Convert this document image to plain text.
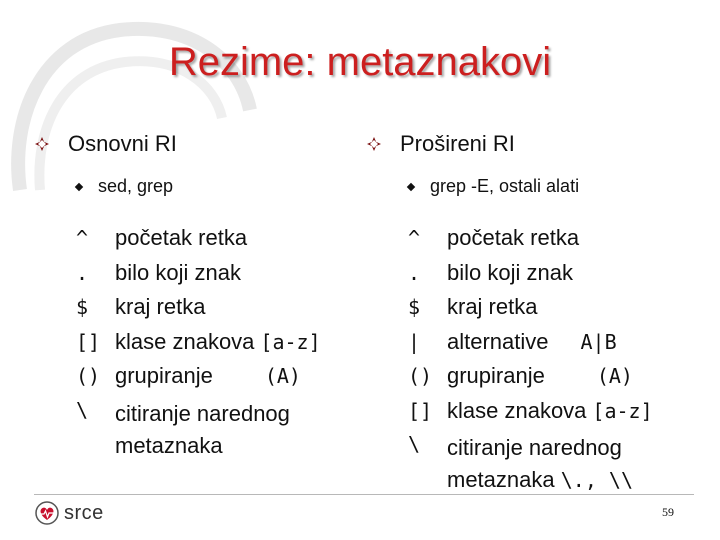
Rezime: metaznakovi
Osnovni RI
sed, grep
^	početak retka
.	bilo koji znak
$	kraj retka
[] klase znakova [a-z]
() grupiranje	(A)
\	citiranje narednog
metaznaka
Prošireni RI
grep -E, ostali alati
^	početak retka
.	bilo koji znak
$	kraj retka
|	alternative A|B
() grupiranje	(A)
[] klase znakova [a-z]
\	citiranje narednog
metaznaka \., \\
srce	59
